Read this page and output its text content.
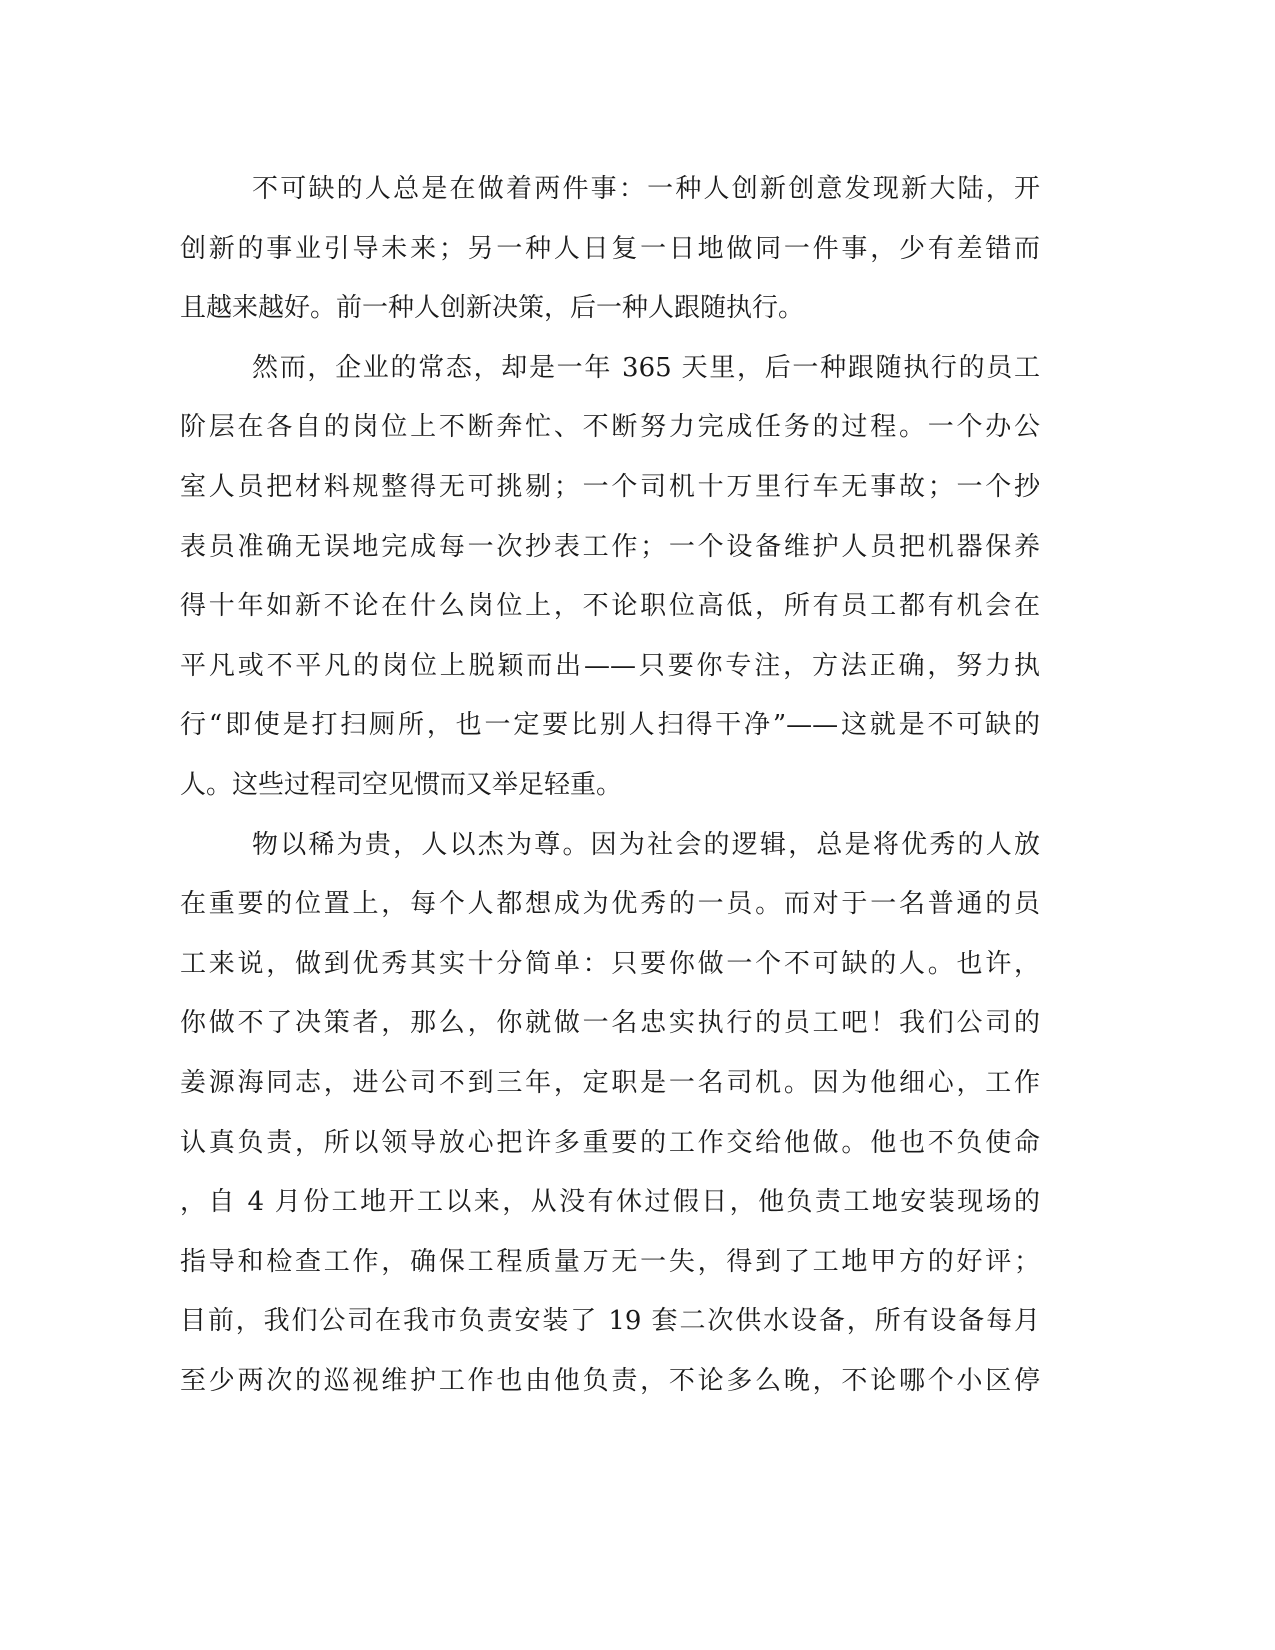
不可缺的人总是在做着两件事：一种人创新创意发现新大陆，开
创新的事业引导未来；另一种人日复一日地做同一件事，少有差错而
且越来越好。前一种人创新决策，后一种人跟随执行。
然而，企业的常态，却是一年 365 天里，后一种跟随执行的员工
阶层在各自的岗位上不断奔忙、不断努力完成任务的过程。一个办公
室人员把材料规整得无可挑剔；一个司机十万里行车无事故；一个抄
表员准确无误地完成每一次抄表工作；一个设备维护人员把机器保养
得十年如新不论在什么岗位上，不论职位高低，所有员工都有机会在
平凡或不平凡的岗位上脱颖而出——只要你专注，方法正确，努力执
行“即使是打扫厕所，也一定要比别人扫得干净”——这就是不可缺的
人。这些过程司空见惯而又举足轻重。
物以稀为贵，人以杰为尊。因为社会的逻辑，总是将优秀的人放
在重要的位置上，每个人都想成为优秀的一员。而对于一名普通的员
工来说，做到优秀其实十分简单：只要你做一个不可缺的人。也许，
你做不了决策者，那么，你就做一名忠实执行的员工吧！我们公司的
姜源海同志，进公司不到三年，定职是一名司机。因为他细心，工作
认真负责，所以领导放心把许多重要的工作交给他做。他也不负使命
，自 4 月份工地开工以来，从没有休过假日，他负责工地安装现场的
指导和检查工作，确保工程质量万无一失，得到了工地甲方的好评；
目前，我们公司在我市负责安装了 19 套二次供水设备，所有设备每月
至少两次的巡视维护工作也由他负责，不论多么晚，不论哪个小区停
